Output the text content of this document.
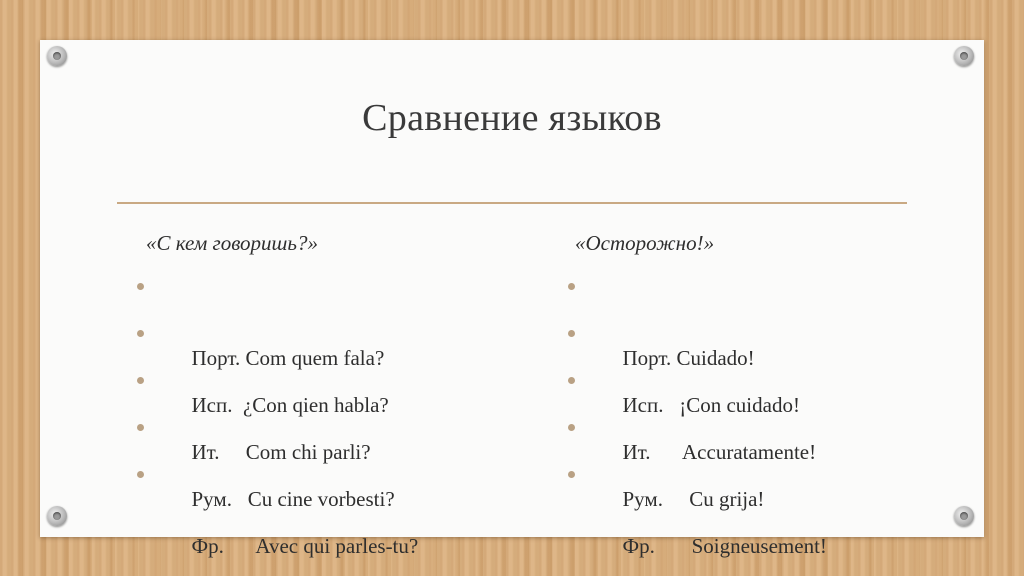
Сравнение языков
«С кем говоришь?»

Порт. Com quem fala?

Исп.  ¿Con qien habla?

Ит.     Com chi parli?

Рум.   Cu cine vorbesti?

Фр.      Avec qui parles-tu?

«Осторожно!»

Порт. Cuidado!

Исп.   ¡Con cuidado!

Ит.      Accuratamente!

Рум.     Cu grija!

Фр.       Soigneusement!
